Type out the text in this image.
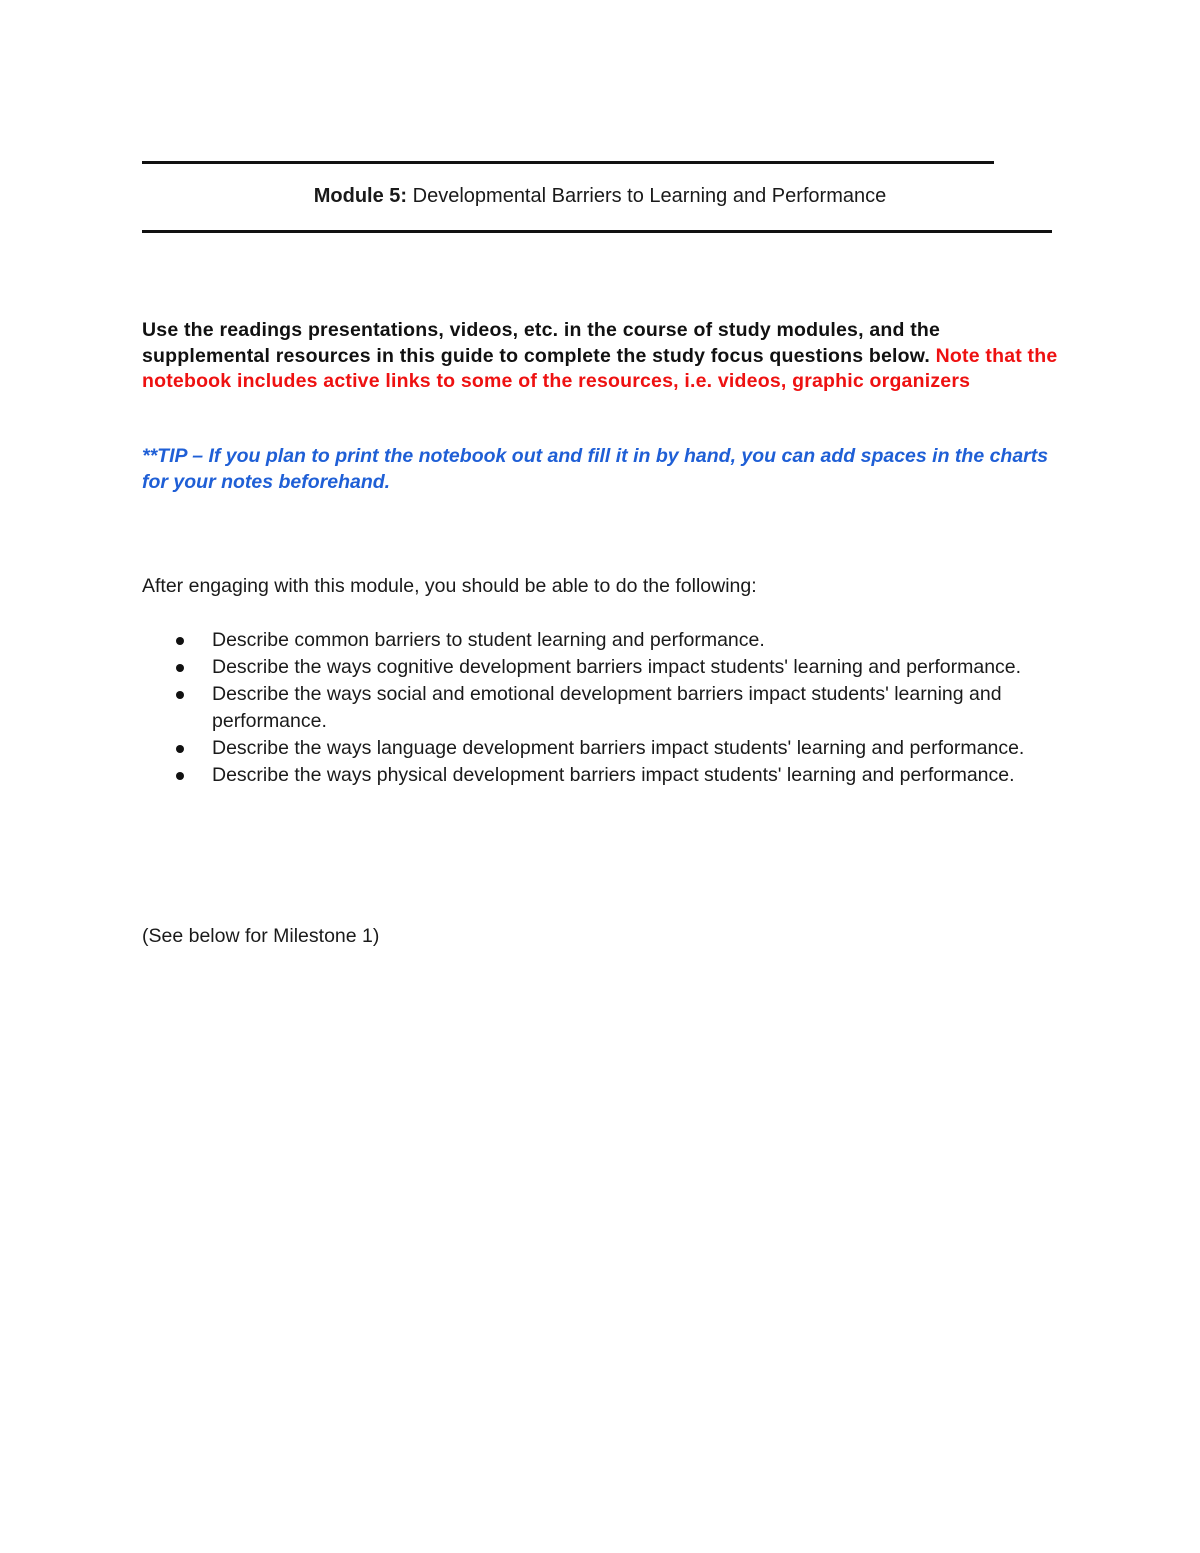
Module 5: Developmental Barriers to Learning and Performance
Use the readings presentations, videos, etc. in the course of study modules, and the supplemental resources in this guide to complete the study focus questions below. Note that the notebook includes active links to some of the resources, i.e. videos, graphic organizers
**TIP – If you plan to print the notebook out and fill it in by hand, you can add spaces in the charts for your notes beforehand.
After engaging with this module, you should be able to do the following:
Describe common barriers to student learning and performance.
Describe the ways cognitive development barriers impact students' learning and performance.
Describe the ways social and emotional development barriers impact students' learning and performance.
Describe the ways language development barriers impact students' learning and performance.
Describe the ways physical development barriers impact students' learning and performance.
(See below for Milestone 1)
